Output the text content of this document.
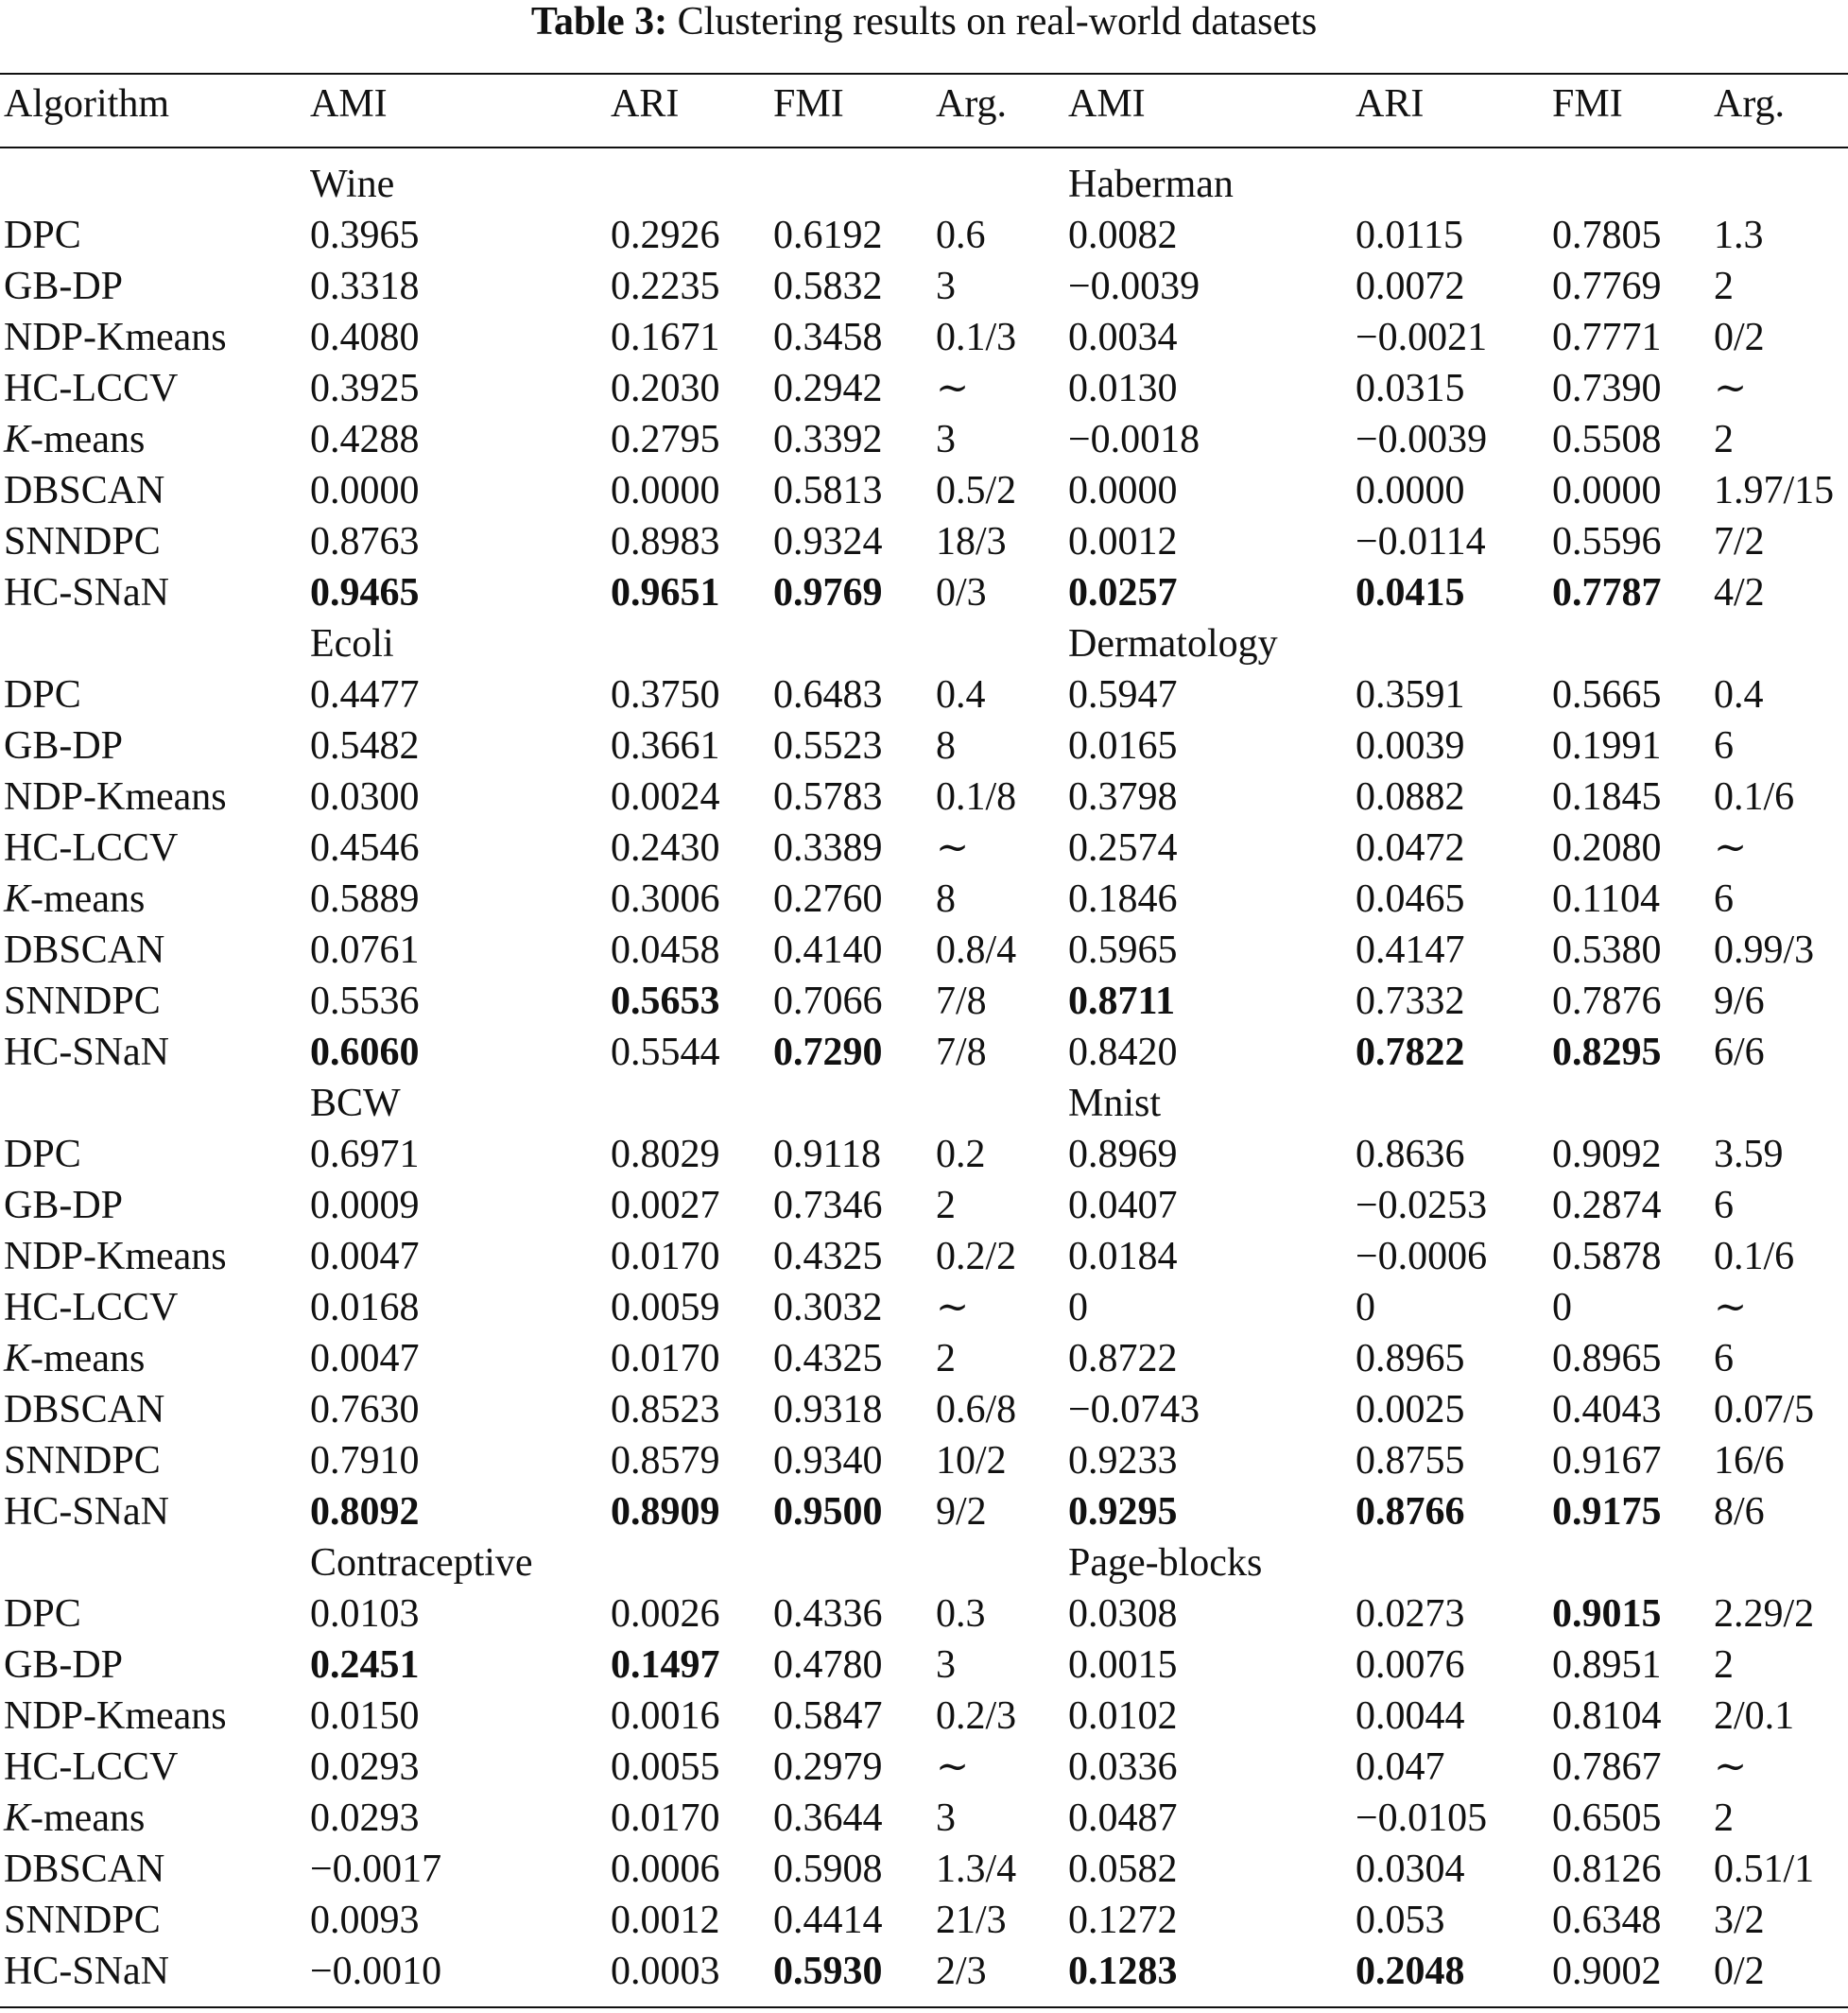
Table 3: Clustering results on real-world datasets
Algorithm	AMI	ARI FMI Arg. AMI	ARI	FMI Arg.
Wine	Haberman
DPC	0.3965	0.2926 0.6192 0.6 0.0082	0.0115 0.7805 1.3
GB-DP	0.3318	0.2235 0.5832 3	−0.0039	0.0072 0.7769 2
NDP-Kmeans 0.4080	0.1671 0.3458 0.1/3 0.0034	−0.0021 0.7771 0/2
HC-LCCV	0.3925	0.2030 0.2942 ∼ 0.0130	0.0315 0.7390 ∼
K-means	0.4288	0.2795 0.3392 3	−0.0018	−0.0039 0.5508 2
DBSCAN	0.0000	0.0000 0.5813 0.5/2 0.0000	0.0000 0.0000 1.97/15
SNNDPC	0.8763	0.8983 0.9324 18/3 0.0012	−0.0114 0.5596 7/2
HC-SNaN	0.9465	0.9651 0.9769 0/3 0.0257	0.0415 0.7787 4/2
Ecoli	Dermatology
DPC	0.4477	0.3750 0.6483 0.4 0.5947	0.3591 0.5665 0.4
GB-DP	0.5482	0.3661 0.5523 8	0.0165	0.0039 0.1991 6
NDP-Kmeans 0.0300	0.0024 0.5783 0.1/8 0.3798	0.0882 0.1845 0.1/6
HC-LCCV	0.4546	0.2430 0.3389 ∼ 0.2574	0.0472 0.2080 ∼
K-means	0.5889	0.3006 0.2760 8	0.1846	0.0465 0.1104 6
DBSCAN	0.0761	0.0458 0.4140 0.8/4 0.5965	0.4147 0.5380 0.99/3
SNNDPC	0.5536	0.5653 0.7066 7/8 0.8711	0.7332 0.7876 9/6
HC-SNaN	0.6060	0.5544 0.7290 7/8 0.8420	0.7822 0.8295 6/6
BCW	Mnist
DPC	0.6971	0.8029 0.9118 0.2 0.8969	0.8636 0.9092 3.59
GB-DP	0.0009	0.0027 0.7346 2	0.0407	−0.0253 0.2874 6
NDP-Kmeans 0.0047	0.0170 0.4325 0.2/2 0.0184	−0.0006 0.5878 0.1/6
HC-LCCV	0.0168	0.0059 0.3032 ∼ 0	0	0	∼
K-means	0.0047	0.0170 0.4325 2	0.8722	0.8965 0.8965 6
DBSCAN	0.7630	0.8523 0.9318 0.6/8 −0.0743	0.0025 0.4043 0.07/5
SNNDPC	0.7910	0.8579 0.9340 10/2 0.9233	0.8755 0.9167 16/6
HC-SNaN	0.8092	0.8909 0.9500 9/2 0.9295	0.8766 0.9175 8/6
Contraceptive	Page-blocks
DPC	0.0103	0.0026 0.4336 0.3 0.0308	0.0273 0.9015 2.29/2
GB-DP	0.2451	0.1497 0.4780 3	0.0015	0.0076 0.8951 2
NDP-Kmeans 0.0150	0.0016 0.5847 0.2/3 0.0102	0.0044 0.8104 2/0.1
HC-LCCV	0.0293	0.0055 0.2979 ∼ 0.0336	0.047	0.7867 ∼
K-means	0.0293	0.0170 0.3644 3	0.0487	−0.0105 0.6505 2
DBSCAN	−0.0017	0.0006 0.5908 1.3/4 0.0582	0.0304 0.8126 0.51/1
SNNDPC	0.0093	0.0012 0.4414 21/3 0.1272	0.053	0.6348 3/2
HC-SNaN	−0.0010	0.0003 0.5930 2/3 0.1283	0.2048 0.9002 0/2
